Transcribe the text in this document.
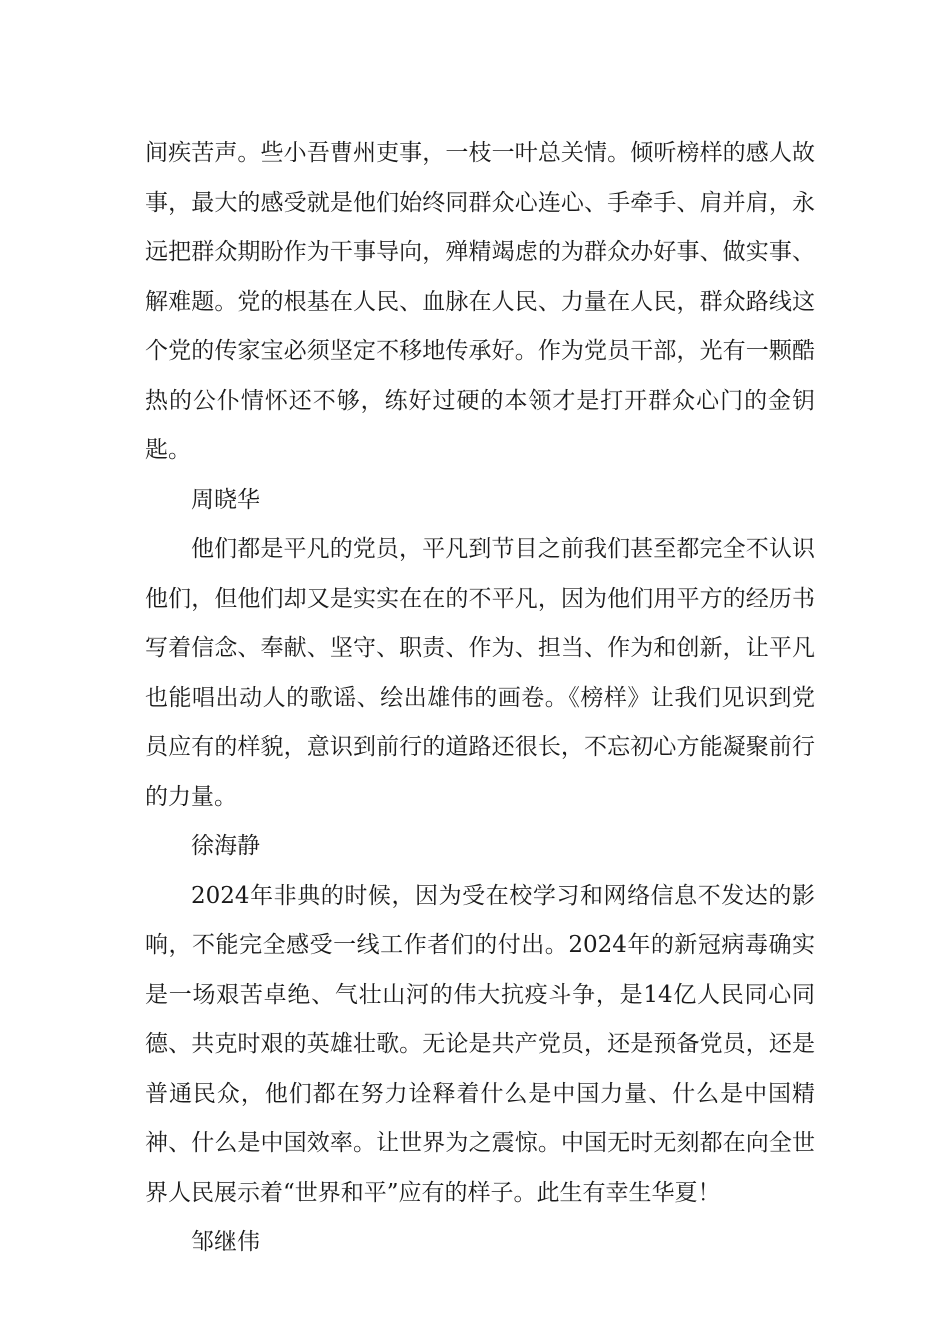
间疾苦声。些小吾曹州吏事，一枝一叶总关情。倾听榜样的感人故事，最大的感受就是他们始终同群众心连心、手牵手、肩并肩，永远把群众期盼作为干事导向，殚精竭虑的为群众办好事、做实事、解难题。党的根基在人民、血脉在人民、力量在人民，群众路线这个党的传家宝必须坚定不移地传承好。作为党员干部，光有一颗酷热的公仆情怀还不够，练好过硬的本领才是打开群众心门的金钥匙。

周晓华

他们都是平凡的党员，平凡到节目之前我们甚至都完全不认识他们，但他们却又是实实在在的不平凡，因为他们用平方的经历书写着信念、奉献、坚守、职责、作为、担当、作为和创新，让平凡也能唱出动人的歌谣、绘出雄伟的画卷。《榜样》让我们见识到党员应有的样貌，意识到前行的道路还很长，不忘初心方能凝聚前行的力量。

徐海静

2024年非典的时候，因为受在校学习和网络信息不发达的影响，不能完全感受一线工作者们的付出。2024年的新冠病毒确实是一场艰苦卓绝、气壮山河的伟大抗疫斗争，是14亿人民同心同德、共克时艰的英雄壮歌。无论是共产党员，还是预备党员，还是普通民众，他们都在努力诠释着什么是中国力量、什么是中国精神、什么是中国效率。让世界为之震惊。中国无时无刻都在向全世界人民展示着“世界和平”应有的样子。此生有幸生华夏！

邹继伟
